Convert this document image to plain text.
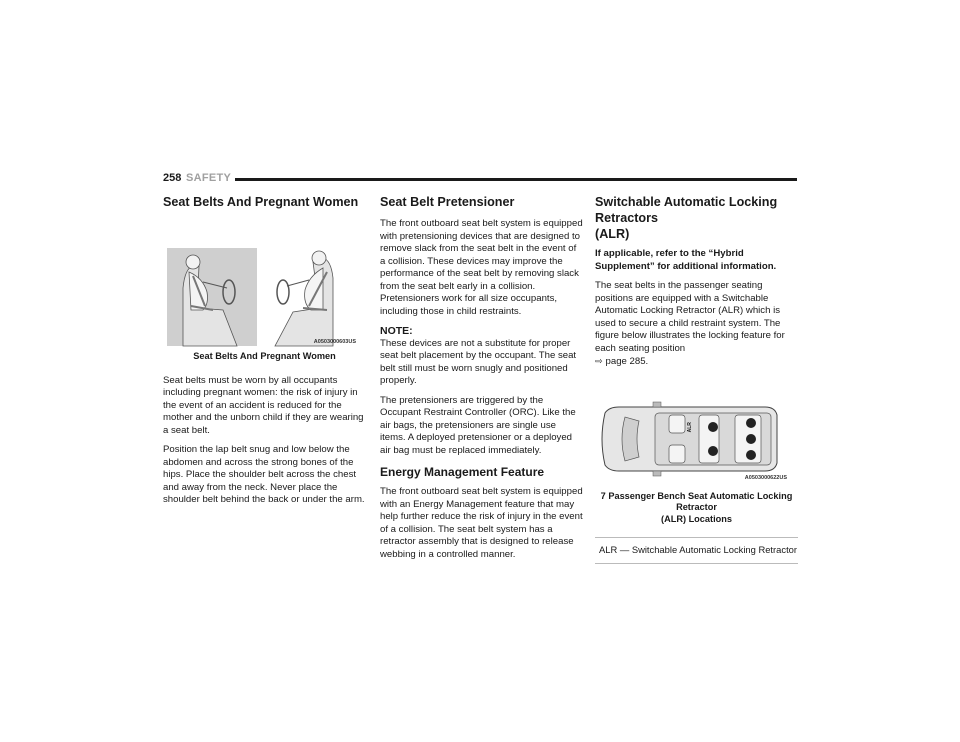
258 SAFETY
Seat Belts And Pregnant Women
A0503000603US
Seat Belts And Pregnant Women

Seat belts must be worn by all occupants including pregnant women: the risk of injury in the event of an accident is reduced for the mother and the unborn child if they are wearing a seat belt.

Position the lap belt snug and low below the abdomen and across the strong bones of the hips. Place the shoulder belt across the chest and away from the neck. Never place the shoulder belt behind the back or under the arm.

Seat Belt Pretensioner

The front outboard seat belt system is equipped with pretensioning devices that are designed to remove slack from the seat belt in the event of a collision. These devices may improve the performance of the seat belt by removing slack from the seat belt early in a collision. Pretensioners work for all size occupants, including those in child restraints.

NOTE:

These devices are not a substitute for proper seat belt placement by the occupant. The seat belt still must be worn snugly and positioned properly.

The pretensioners are triggered by the Occupant Restraint Controller (ORC). Like the air bags, the pretensioners are single use items. A deployed pretensioner or a deployed air bag must be replaced immediately.

Energy Management Feature

The front outboard seat belt system is equipped with an Energy Management feature that may help further reduce the risk of injury in the event of a collision. The seat belt system has a retractor assembly that is designed to release webbing in a controlled manner.

Switchable Automatic Locking Retractors
(ALR)

If applicable, refer to the “Hybrid Supplement” for additional information.

The seat belts in the passenger seating positions are equipped with a Switchable Automatic Locking Retractor (ALR) which is used to secure a child restraint system. The figure below illustrates the locking feature for each seating position
⇨ page 285.

ALR
A0503000622US
7 Passenger Bench Seat Automatic Locking Retractor
(ALR) Locations
ALR — Switchable Automatic Locking Retractor
